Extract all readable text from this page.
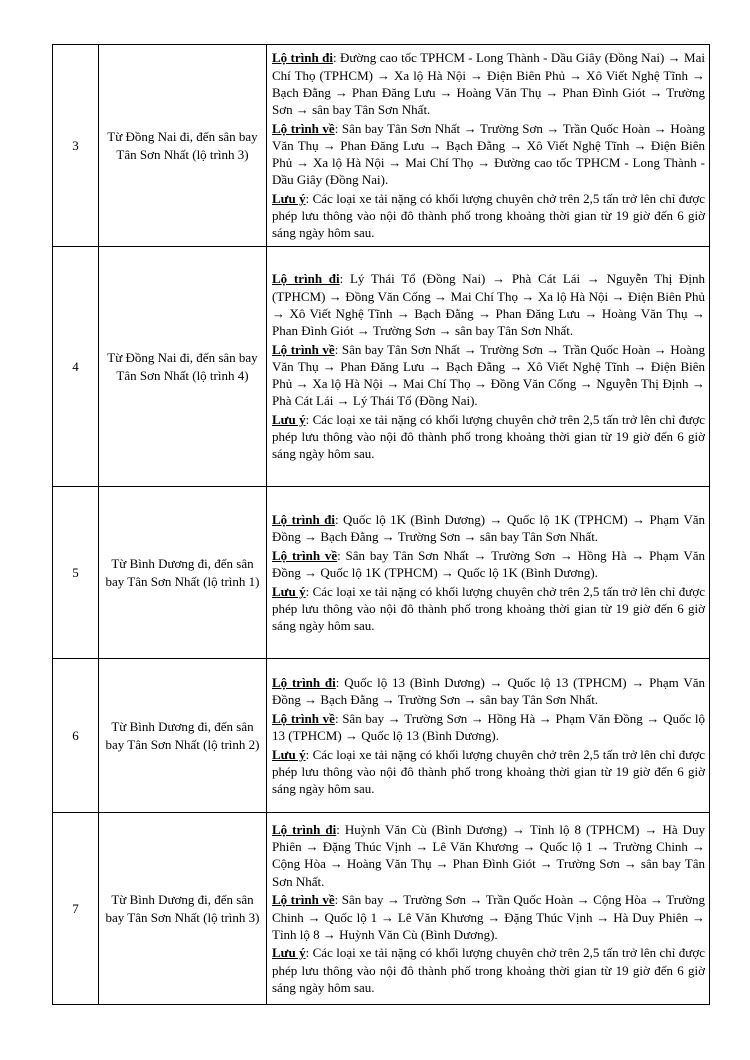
3	Từ Đồng Nai đi, đến sân bay Tân Sơn Nhất (lộ trình 3)	Lộ trình đi: Đường cao tốc TPHCM - Long Thành - Dầu Giây (Đồng Nai) → Mai Chí Thọ (TPHCM) → Xa lộ Hà Nội → Điện Biên Phủ → Xô Viết Nghệ Tĩnh → Bạch Đằng → Phan Đăng Lưu → Hoàng Văn Thụ → Phan Đình Giót → Trường Sơn → sân bay Tân Sơn Nhất.

Lộ trình về: Sân bay Tân Sơn Nhất → Trường Sơn → Trần Quốc Hoàn → Hoàng Văn Thụ → Phan Đăng Lưu → Bạch Đằng → Xô Viết Nghệ Tĩnh → Điện Biên Phủ → Xa lộ Hà Nội → Mai Chí Thọ → Đường cao tốc TPHCM - Long Thành - Dầu Giây (Đồng Nai).

Lưu ý: Các loại xe tải nặng có khối lượng chuyên chở trên 2,5 tấn trở lên chỉ được phép lưu thông vào nội đô thành phố trong khoảng thời gian từ 19 giờ đến 6 giờ sáng ngày hôm sau.

4	Từ Đồng Nai đi, đến sân bay Tân Sơn Nhất (lộ trình 4)	Lộ trình đi: Lý Thái Tổ (Đồng Nai) → Phà Cát Lái → Nguyễn Thị Định (TPHCM) → Đồng Văn Cống → Mai Chí Thọ → Xa lộ Hà Nội → Điện Biên Phủ → Xô Viết Nghệ Tĩnh → Bạch Đằng → Phan Đăng Lưu → Hoàng Văn Thụ → Phan Đình Giót → Trường Sơn → sân bay Tân Sơn Nhất.

Lộ trình về: Sân bay Tân Sơn Nhất → Trường Sơn → Trần Quốc Hoàn → Hoàng Văn Thụ → Phan Đăng Lưu → Bạch Đằng → Xô Viết Nghệ Tĩnh → Điện Biên Phủ → Xa lộ Hà Nội → Mai Chí Thọ → Đồng Văn Cống → Nguyễn Thị Định → Phà Cát Lái → Lý Thái Tổ (Đồng Nai).

Lưu ý: Các loại xe tải nặng có khối lượng chuyên chở trên 2,5 tấn trở lên chỉ được phép lưu thông vào nội đô thành phố trong khoảng thời gian từ 19 giờ đến 6 giờ sáng ngày hôm sau.

5	Từ Bình Dương đi, đến sân bay Tân Sơn Nhất (lộ trình 1)	Lộ trình đi: Quốc lộ 1K (Bình Dương) → Quốc lộ 1K (TPHCM) → Phạm Văn Đồng → Bạch Đằng → Trường Sơn → sân bay Tân Sơn Nhất.

Lộ trình về: Sân bay Tân Sơn Nhất → Trường Sơn → Hồng Hà → Phạm Văn Đồng → Quốc lộ 1K (TPHCM) → Quốc lộ 1K (Bình Dương).

Lưu ý: Các loại xe tải nặng có khối lượng chuyên chở trên 2,5 tấn trở lên chỉ được phép lưu thông vào nội đô thành phố trong khoảng thời gian từ 19 giờ đến 6 giờ sáng ngày hôm sau.

6	Từ Bình Dương đi, đến sân bay Tân Sơn Nhất (lộ trình 2)	Lộ trình đi: Quốc lộ 13 (Bình Dương) → Quốc lộ 13 (TPHCM) → Phạm Văn Đồng → Bạch Đằng → Trường Sơn → sân bay Tân Sơn Nhất.

Lộ trình về: Sân bay → Trường Sơn → Hồng Hà → Phạm Văn Đồng → Quốc lộ 13 (TPHCM) → Quốc lộ 13 (Bình Dương).

Lưu ý: Các loại xe tải nặng có khối lượng chuyên chở trên 2,5 tấn trở lên chỉ được phép lưu thông vào nội đô thành phố trong khoảng thời gian từ 19 giờ đến 6 giờ sáng ngày hôm sau.

7	Từ Bình Dương đi, đến sân bay Tân Sơn Nhất (lộ trình 3)	Lộ trình đi: Huỳnh Văn Cù (Bình Dương) → Tỉnh lộ 8 (TPHCM) → Hà Duy Phiên → Đặng Thúc Vịnh → Lê Văn Khương → Quốc lộ 1 → Trường Chinh → Cộng Hòa → Hoàng Văn Thụ → Phan Đình Giót → Trường Sơn → sân bay Tân Sơn Nhất.

Lộ trình về: Sân bay → Trường Sơn → Trần Quốc Hoàn → Cộng Hòa → Trường Chinh → Quốc lộ 1 → Lê Văn Khương → Đặng Thúc Vịnh → Hà Duy Phiên → Tỉnh lộ 8 → Huỳnh Văn Cù (Bình Dương).

Lưu ý: Các loại xe tải nặng có khối lượng chuyên chở trên 2,5 tấn trở lên chỉ được phép lưu thông vào nội đô thành phố trong khoảng thời gian từ 19 giờ đến 6 giờ sáng ngày hôm sau.
